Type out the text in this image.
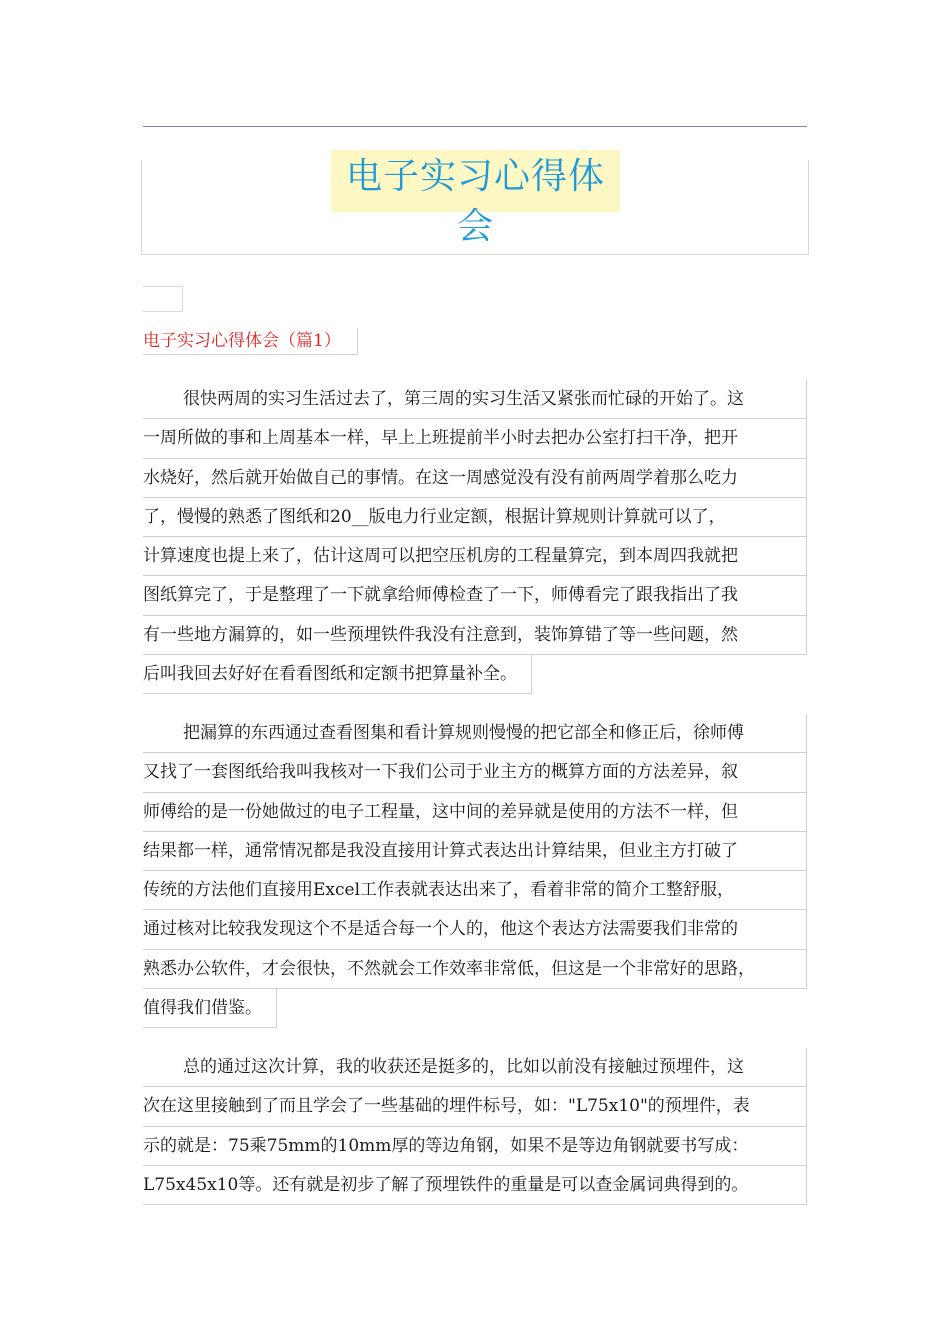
电子实习心得体会
电子实习心得体会（篇1）
很快两周的实习生活过去了，第三周的实习生活又紧张而忙碌的开始了。这
一周所做的事和上周基本一样，早上上班提前半小时去把办公室打扫干净，把开
水烧好，然后就开始做自己的事情。在这一周感觉没有没有前两周学着那么吃力
了，慢慢的熟悉了图纸和20__版电力行业定额，根据计算规则计算就可以了，
计算速度也提上来了，估计这周可以把空压机房的工程量算完，到本周四我就把
图纸算完了，于是整理了一下就拿给师傅检查了一下，师傅看完了跟我指出了我
有一些地方漏算的，如一些预埋铁件我没有注意到，装饰算错了等一些问题，然
后叫我回去好好在看看图纸和定额书把算量补全。
把漏算的东西通过查看图集和看计算规则慢慢的把它部全和修正后，徐师傅
又找了一套图纸给我叫我核对一下我们公司于业主方的概算方面的方法差异，叙
师傅给的是一份她做过的电子工程量，这中间的差异就是使用的方法不一样，但
结果都一样，通常情况都是我没直接用计算式表达出计算结果，但业主方打破了
传统的方法他们直接用Excel工作表就表达出来了，看着非常的简介工整舒服，
通过核对比较我发现这个不是适合每一个人的，他这个表达方法需要我们非常的
熟悉办公软件，才会很快，不然就会工作效率非常低，但这是一个非常好的思路，
值得我们借鉴。
总的通过这次计算，我的收获还是挺多的，比如以前没有接触过预埋件，这
次在这里接触到了而且学会了一些基础的埋件标号，如："L75x10"的预埋件，表
示的就是：75乘75mm的10mm厚的等边角钢，如果不是等边角钢就要书写成：
L75x45x10等。还有就是初步了解了预埋铁件的重量是可以查金属词典得到的。
